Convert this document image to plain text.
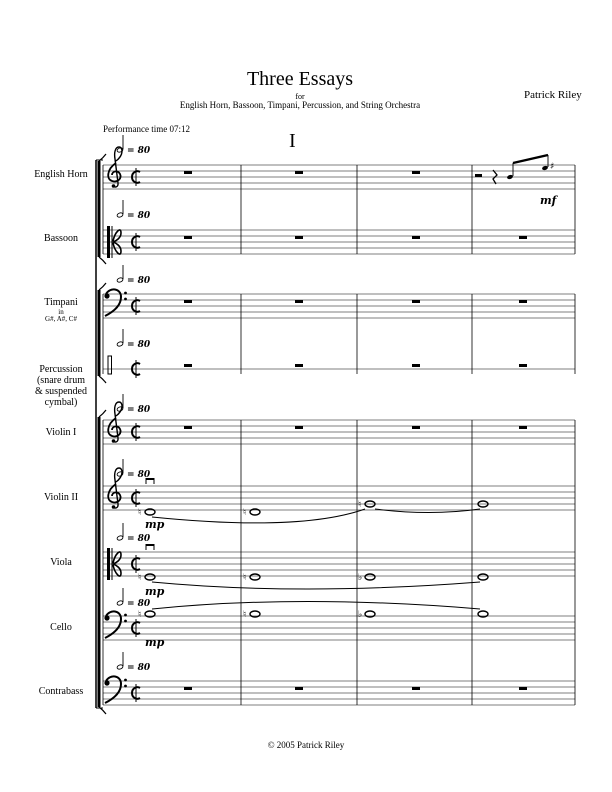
Three Essays
for
English Horn, Bassoon, Timpani, Percussion, and String Orchestra
Patrick Riley
Performance time 07:12
I
English Horn
Bassoon
Timpani
in
G#, A#, C#
Percussion
(snare drum
& suspended
cymbal)
Violin I
Violin II
Viola
Cello
Contrabass
♯
mf
♮	♮
♮
mp
♮	♮	♭
mp
♮	♮	♭
mp
= 80
= 80
= 80
= 80
= 80
= 80
= 80
= 80
= 80
© 2005 Patrick Riley
